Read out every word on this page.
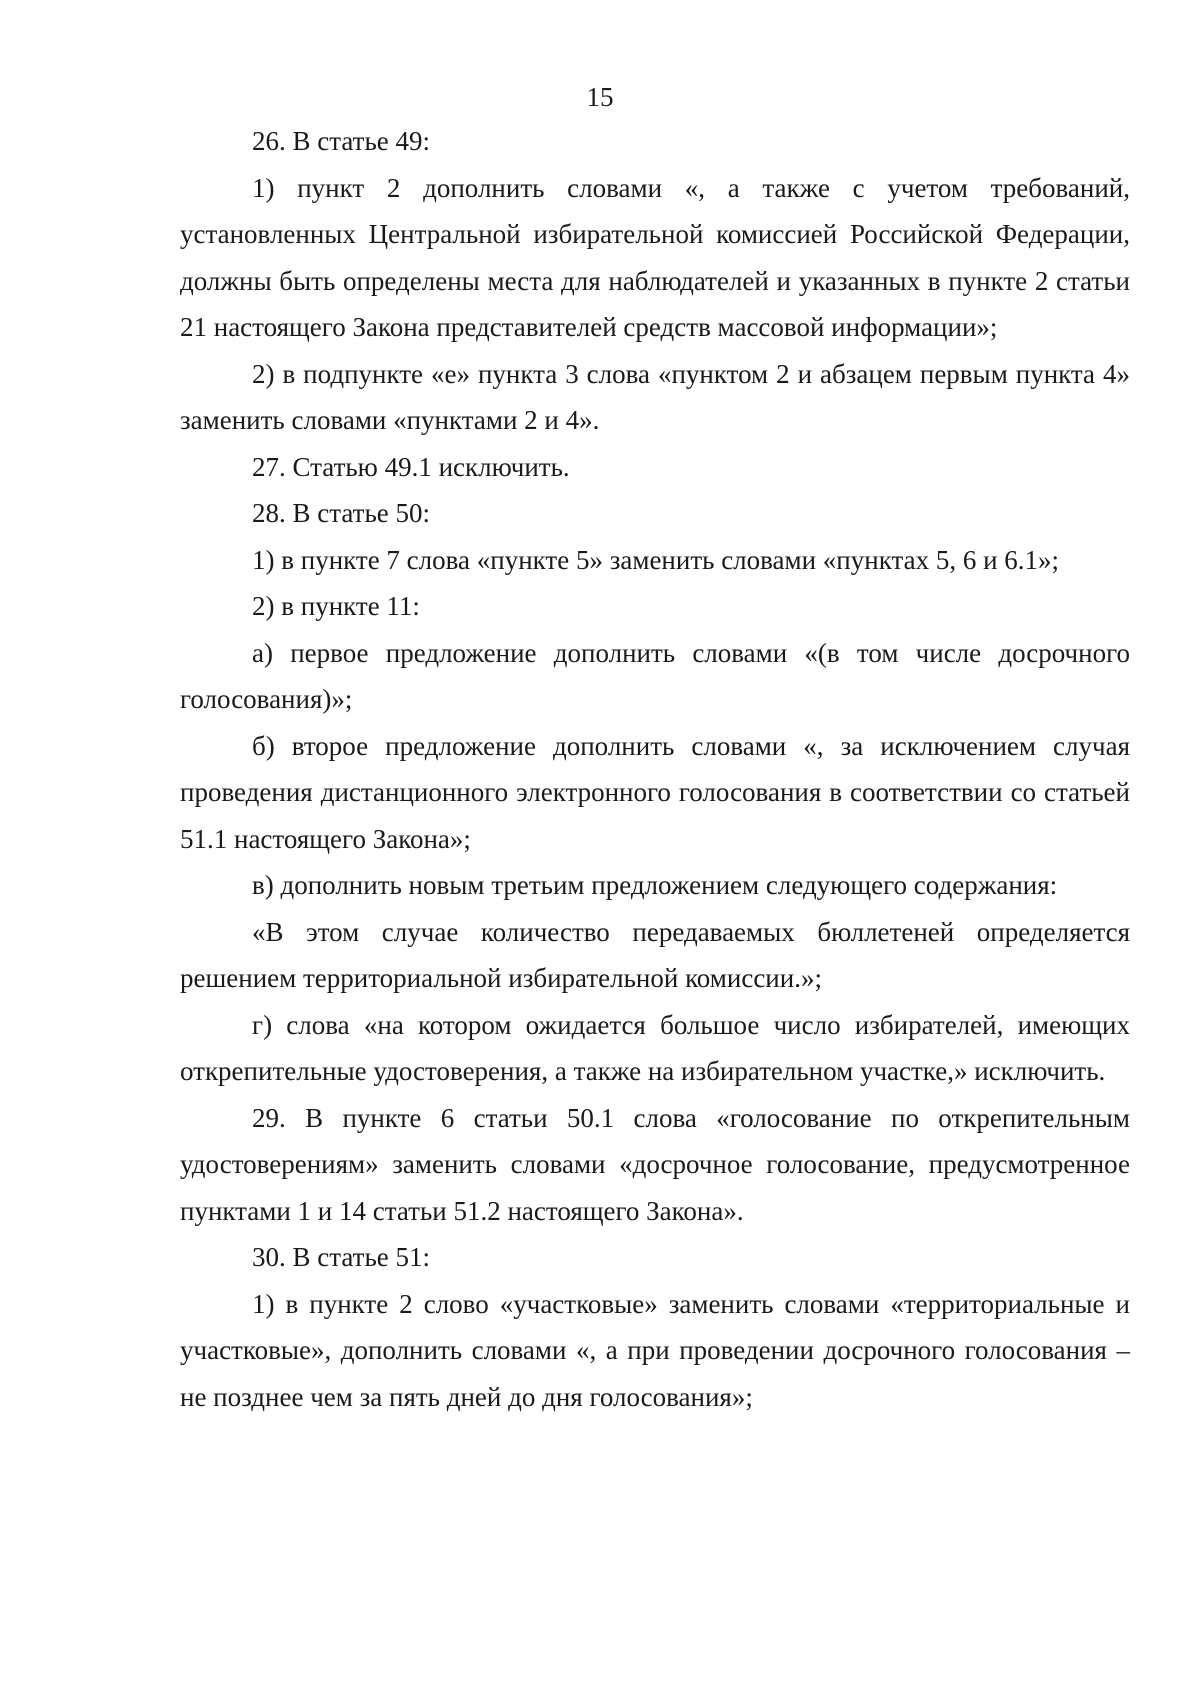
15

26. В статье 49:

1) пункт 2 дополнить словами «, а также с учетом требований, установленных Центральной избирательной комиссией Российской Федерации, должны быть определены места для наблюдателей и указанных в пункте 2 статьи 21 настоящего Закона представителей средств массовой информации»;

2) в подпункте «е» пункта 3 слова «пунктом 2 и абзацем первым пункта 4» заменить словами «пунктами 2 и 4».

27. Статью 49.1 исключить.

28. В статье 50:

1) в пункте 7 слова «пункте 5» заменить словами «пунктах 5, 6 и 6.1»;

2) в пункте 11:

а) первое предложение дополнить словами «(в том числе досрочного голосования)»;

б) второе предложение дополнить словами «, за исключением случая проведения дистанционного электронного голосования в соответствии со статьей 51.1 настоящего Закона»;

в) дополнить новым третьим предложением следующего содержания:

«В этом случае количество передаваемых бюллетеней определяется решением территориальной избирательной комиссии.»;

г) слова «на котором ожидается большое число избирателей, имеющих открепительные удостоверения, а также на избирательном участке,» исключить.

29. В пункте 6 статьи 50.1 слова «голосование по открепительным удостоверениям» заменить словами «досрочное голосование, предусмотренное пунктами 1 и 14 статьи 51.2 настоящего Закона».

30. В статье 51:

1) в пункте 2 слово «участковые» заменить словами «территориальные и участковые», дополнить словами «, а при проведении досрочного голосования – не позднее чем за пять дней до дня голосования»;
